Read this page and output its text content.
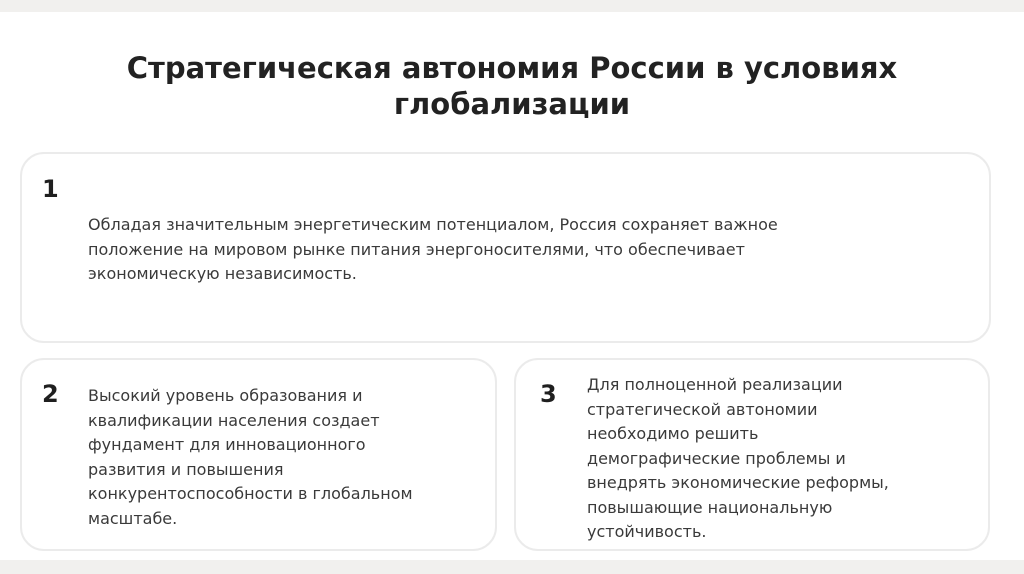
Стратегическая автономия России в условиях
глобализации
1

Обладая значительным энергетическим потенциалом, Россия сохраняет важное
положение на мировом рынке питания энергоносителями, что обеспечивает
экономическую независимость.

2 Высокий уровень образования и
квалификации населения создает
фундамент для инновационного
развития и повышения
конкурентоспособности в глобальном
масштабе.

3 Для полноценной реализации
стратегической автономии
необходимо решить
демографические проблемы и
внедрять экономические реформы,
повышающие национальную
устойчивость.
